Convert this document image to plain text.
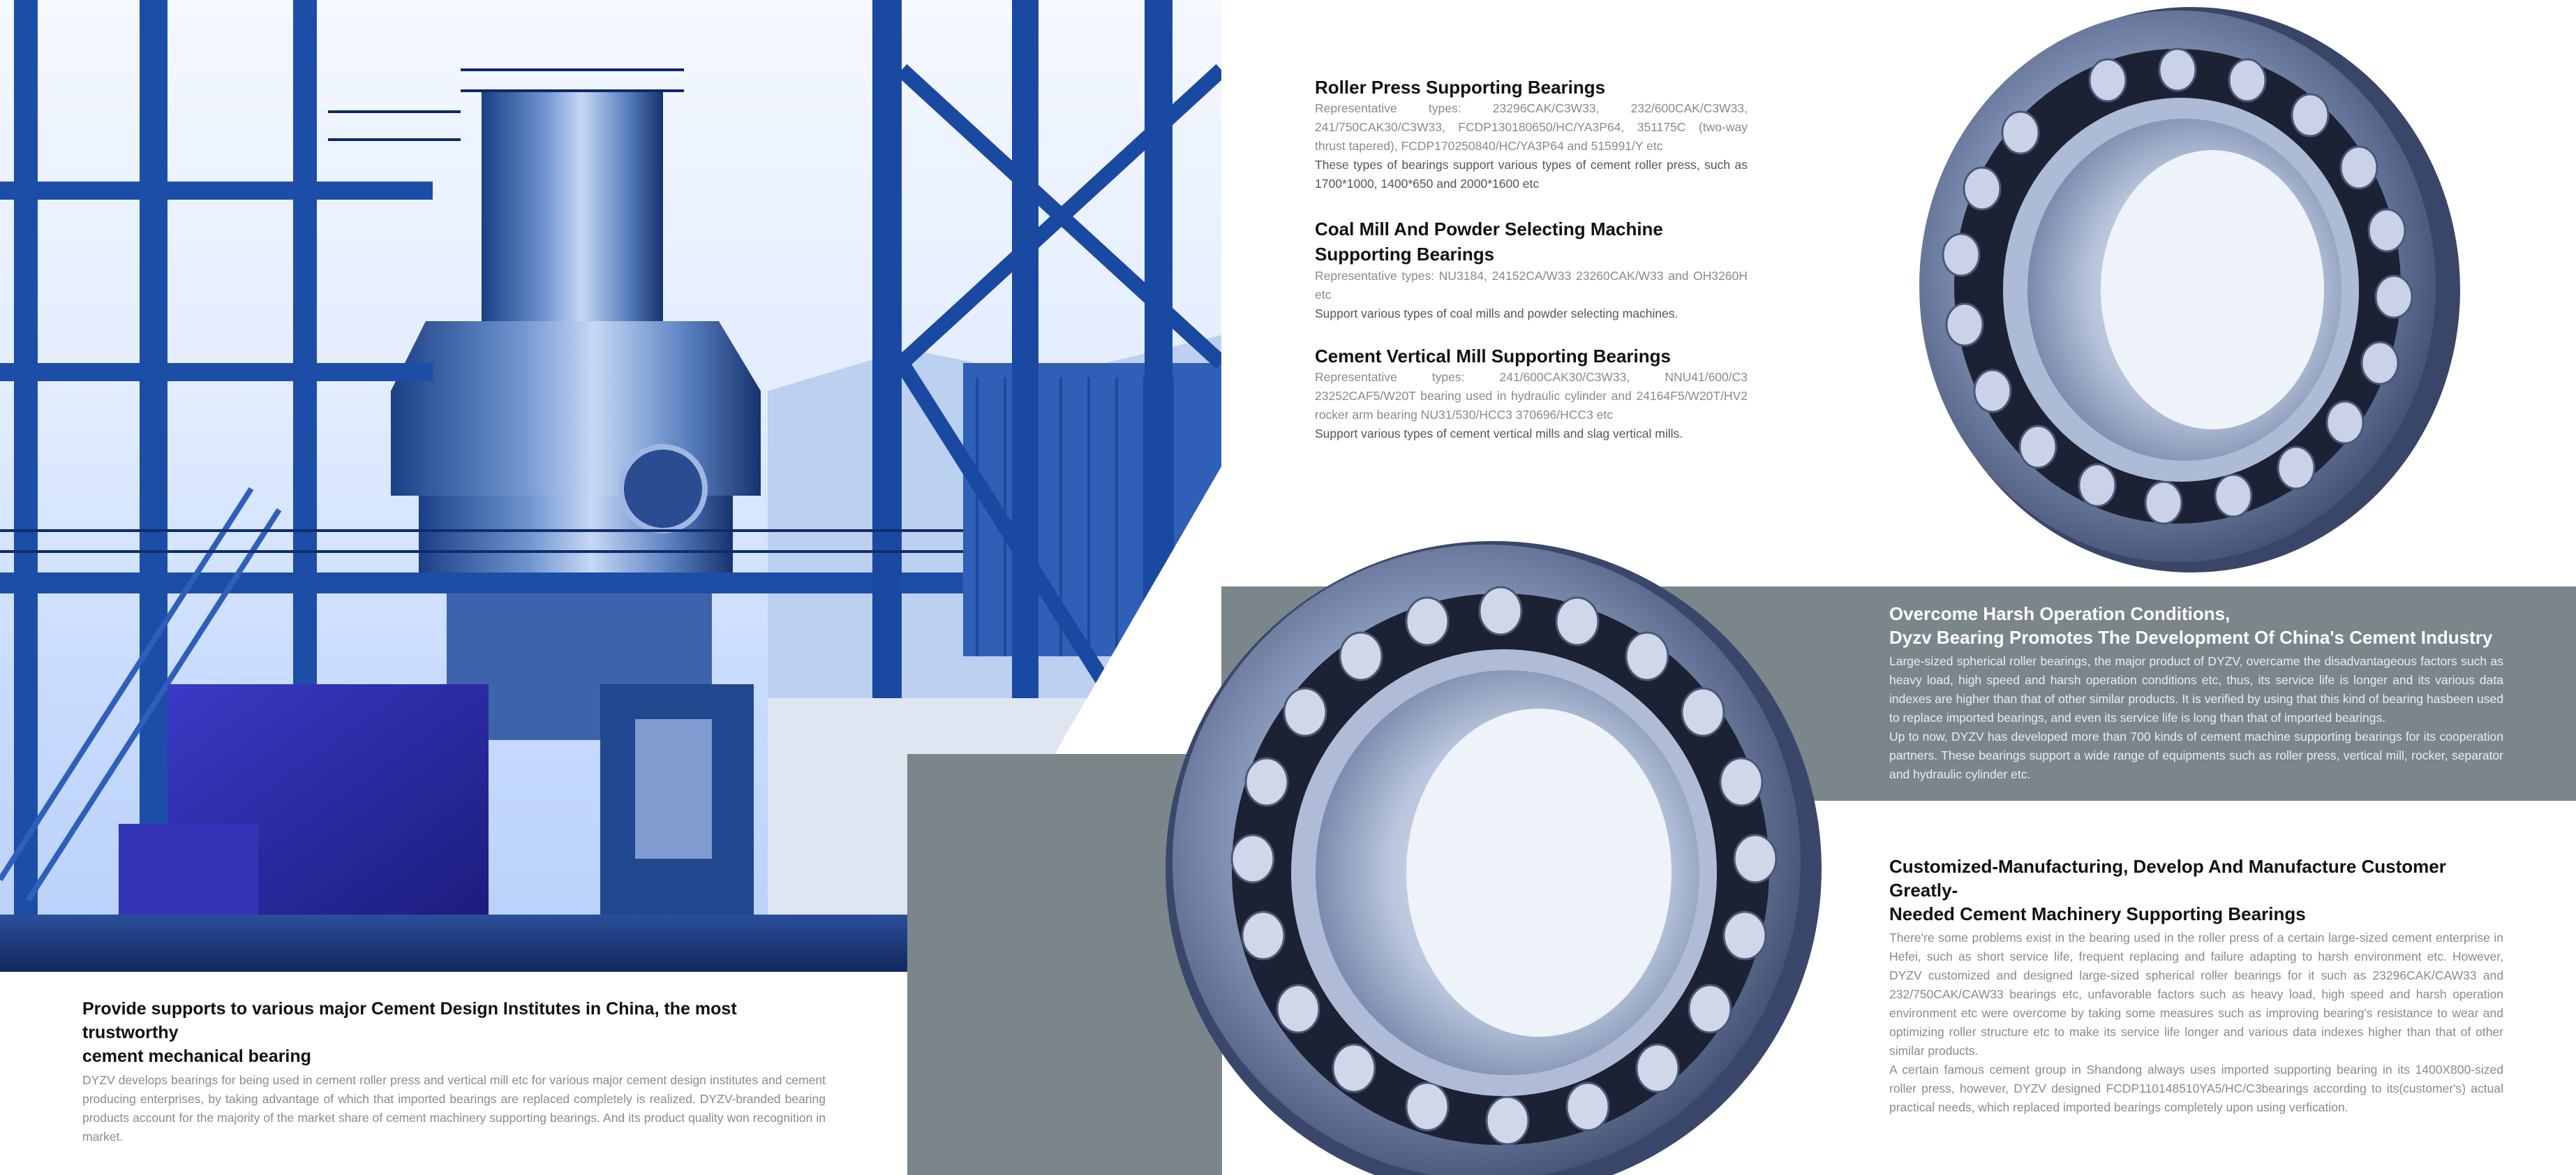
Roller Press Supporting Bearings

Representative types: 23296CAK/C3W33, 232/600CAK/C3W33, 241/750CAK30/C3W33, FCDP130180650/HC/YA3P64, 351175C (two-way thrust tapered), FCDP170250840/HC/YA3P64 and 515991/Y etc

These types of bearings support various types of cement roller press, such as 1700*1000, 1400*650 and 2000*1600 etc

Coal Mill And Powder Selecting Machine Supporting Bearings

Representative types: NU3184, 24152CA/W33 23260CAK/W33 and OH3260H etc

Support various types of coal mills and powder selecting machines.

Cement Vertical Mill Supporting Bearings

Representative types: 241/600CAK30/C3W33, NNU41/600/C3 23252CAF5/W20T bearing used in hydraulic cylinder and 24164F5/W20T/HV2 rocker arm bearing NU31/530/HCC3 370696/HCC3 etc

Support various types of cement vertical mills and slag vertical mills.

Overcome Harsh Operation Conditions,

Dyzv Bearing Promotes The Development Of China's Cement Industry

Large-sized spherical roller bearings, the major product of DYZV, overcame the disadvantageous factors such as heavy load, high speed and harsh operation conditions etc, thus, its service life is longer and its various data indexes are higher than that of other similar products. It is verified by using that this kind of bearing hasbeen used to replace imported bearings, and even its service life is long than that of imported bearings.

Up to now, DYZV has developed more than 700 kinds of cement machine supporting bearings for its cooperation partners. These bearings support a wide range of equipments such as roller press, vertical mill, rocker, separator and hydraulic cylinder etc.

Customized-Manufacturing, Develop And Manufacture Customer Greatly-

Needed Cement Machinery Supporting Bearings

There're some problems exist in the bearing used in the roller press of a certain large-sized cement enterprise in Hefei, such as short service life, frequent replacing and failure adapting to harsh environment etc. However, DYZV customized and designed large-sized spherical roller bearings for it such as 23296CAK/CAW33 and 232/750CAK/CAW33 bearings etc, unfavorable factors such as heavy load, high speed and harsh operation environment etc were overcome by taking some measures such as improving bearing's resistance to wear and optimizing roller structure etc to make its service life longer and various data indexes higher than that of other similar products.

A certain famous cement group in Shandong always uses imported supporting bearing in its 1400X800-sized roller press, however, DYZV designed FCDP110148510YA5/HC/C3bearings according to its(customer's) actual practical needs, which replaced imported bearings completely upon using verfication.

Provide supports to various major Cement Design Institutes in China, the most trustworthy

cement mechanical bearing

DYZV develops bearings for being used in cement roller press and vertical mill etc for various major cement design institutes and cement producing enterprises, by taking advantage of which that imported bearings are replaced completely is realized. DYZV-branded bearing products account for the majority of the market share of cement machinery supporting bearings. And its product quality won recognition in market.
